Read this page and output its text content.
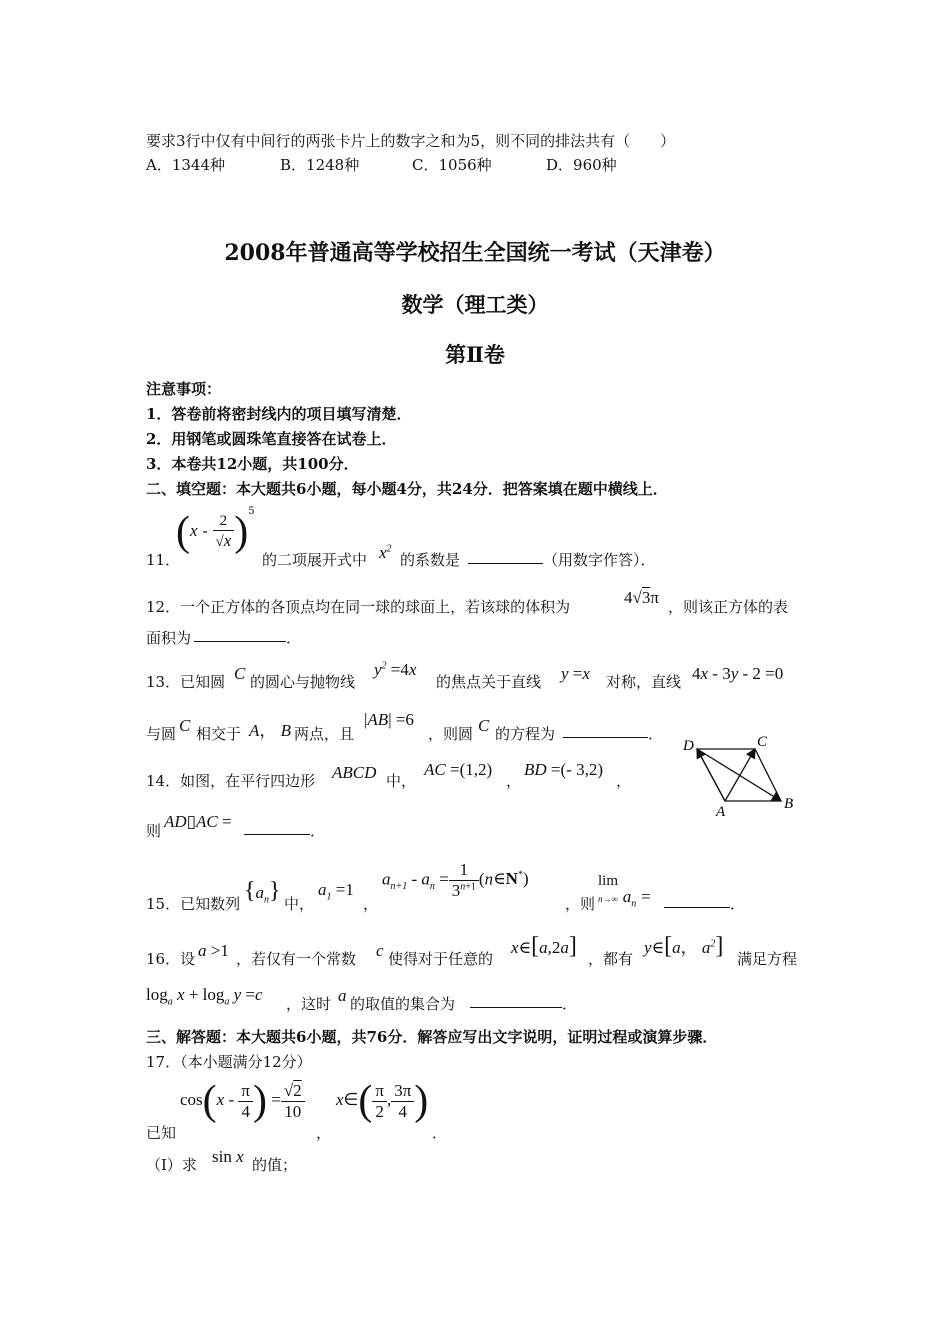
要求3行中仅有中间行的两张卡片上的数字之和为5，则不同的排法共有（　　）
A．1344种	B．1248种	C．1056种	D．960种
2008年普通高等学校招生全国统一考试（天津卷）
数学（理工类）
第Ⅱ卷
注意事项：
1．答卷前将密封线内的项目填写清楚．
2．用钢笔或圆珠笔直接答在试卷上．
3．本卷共12小题，共100分．
二、填空题：本大题共6小题，每小题4分，共24分．把答案填在题中横线上．
11．
$(x - \frac{2}{√x} )^5$
的二项展开式中 $x^2$
的系数是	（用数字作答）．
12．一个正方体的各顶点均在同一球的球面上，若该球的体积为	4√3π ，则该正方体的表
面积为	．
13．已知圆 C 的圆心与抛物线
$y^2 =4x$
的焦点关于直线 y =x 对称，直线 4x - 3y - 2 =0
与圆 C 相交于 A， B 两点，且
|AB| =6
，则圆 C 的方程为	．
D	C
B
A
14．如图，在平行四边形 ABCD 中，
AC =(1,2)
，
BD =(- 3,2)
，
则 AD▯AC =	．
15．已知数列 $\{a_n\}$ 中，
$a_1 =1$
，
$a_{n+1} - a_n = \frac{1}{3^{n+1}}$ (n∈N*)
，则
lim
n→∞ $a_n$ =	．
16．设 a >1 ，若仅有一个常数 c 使得对于任意的
x∈[a,2a] ，都有
y∈[a， $a^2$] 满足方程
$\log_a x + \log_a y =c$ ，这时 a 的取值的集合为	．
三、解答题：本大题共6小题，共76分．解答应写出文字说明，证明过程或演算步骤．
17．（本小题满分12分）
已知
$\cos(x - \frac{\pi}{4}$ ) = $\frac{√2}{10}$
，
x∈( $\frac{\pi}{2}$ , $\frac{3\pi}{4}$ )
．
（Ⅰ）求 sin x 的值；
